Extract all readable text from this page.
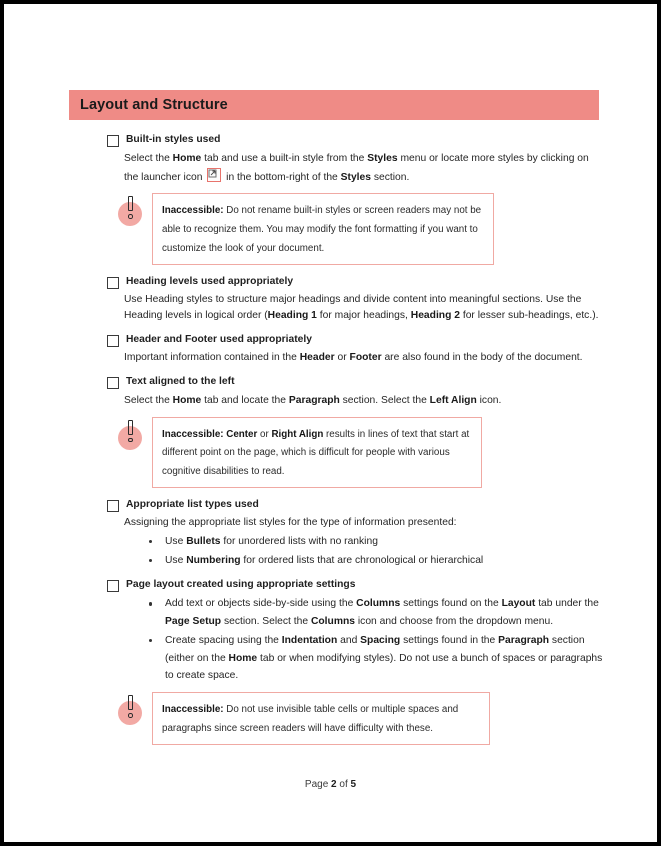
Layout and Structure
Built-in styles used

Select the Home tab and use a built-in style from the Styles menu or locate more styles by clicking on the launcher icon
in the bottom-right of the Styles section.

Inaccessible: Do not rename built-in styles or screen readers may not be able to recognize them. You may modify the font formatting if you want to customize the look of your document.
Heading levels used appropriately

Use Heading styles to structure major headings and divide content into meaningful sections. Use the Heading levels in logical order (Heading 1 for major headings, Heading 2 for lesser sub-headings, etc.).

Header and Footer used appropriately

Important information contained in the Header or Footer are also found in the body of the document.

Text aligned to the left

Select the Home tab and locate the Paragraph section. Select the Left Align icon.

Inaccessible: Center or Right Align results in lines of text that start at different point on the page, which is difficult for people with various cognitive disabilities to read.
Appropriate list types used

Assigning the appropriate list styles for the type of information presented:

Use Bullets for unordered lists with no ranking
Use Numbering for ordered lists that are chronological or hierarchical
Page layout created using appropriate settings
Add text or objects side-by-side using the Columns settings found on the Layout tab under the Page Setup section. Select the Columns icon and choose from the dropdown menu.
Create spacing using the Indentation and Spacing settings found in the Paragraph section (either on the Home tab or when modifying styles). Do not use a bunch of spaces or paragraphs to create space.
Inaccessible: Do not use invisible table cells or multiple spaces and paragraphs since screen readers will have difficulty with these.
Page 2 of 5
